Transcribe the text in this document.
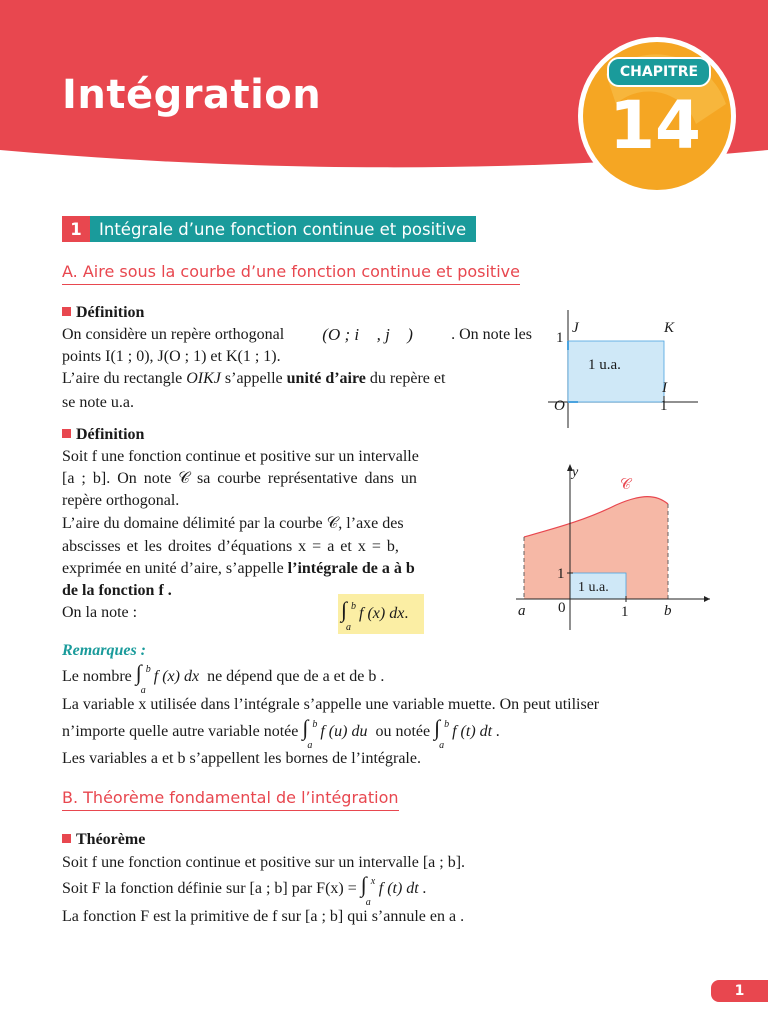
Intégration	CHAPITRE
14
1	Intégrale d’une fonction continue et positive
A. Aire sous la courbe d’une fonction continue et positive
Définition
On considère un repère orthogonal (O ; i⃗ , j⃗ ) . On note les
points I(1 ; 0), J(O ; 1) et K(1 ; 1).
L’aire du rectangle OIKJ s’appelle unité d’aire du repère et
se note u.a.
J	K
1
1 u.a.
I
O	1
Définition
Soit f une fonction continue et positive sur un intervalle
[a ; b]. On note 𝒞 sa courbe représentative dans un
repère orthogonal.
L’aire du domaine délimité par la courbe 𝒞, l’axe des
abscisses et les droites d’équations x = a et x = b,
exprimée en unité d’aire, s’appelle l’intégrale de a à b
de la fonction f .
On la note :	∫ b
a
f (x) dx.
y
𝒞
1
1 u.a.
a 0	1 b
Remarques :
Le nombre ∫ b
a
f (x) dx ne dépend que de a et de b .
La variable x utilisée dans l’intégrale s’appelle une variable muette. On peut utiliser
n’importe quelle autre variable notée ∫ b
a
f (u) du ou notée ∫ b
a
f (t) dt .
Les variables a et b s’appellent les bornes de l’intégrale.
B. Théorème fondamental de l’intégration
Théorème
Soit f une fonction continue et positive sur un intervalle [a ; b].
Soit F la fonction définie sur [a ; b] par F(x) = ∫ x
a
f (t) dt .
La fonction F est la primitive de f sur [a ; b] qui s’annule en a .
1
